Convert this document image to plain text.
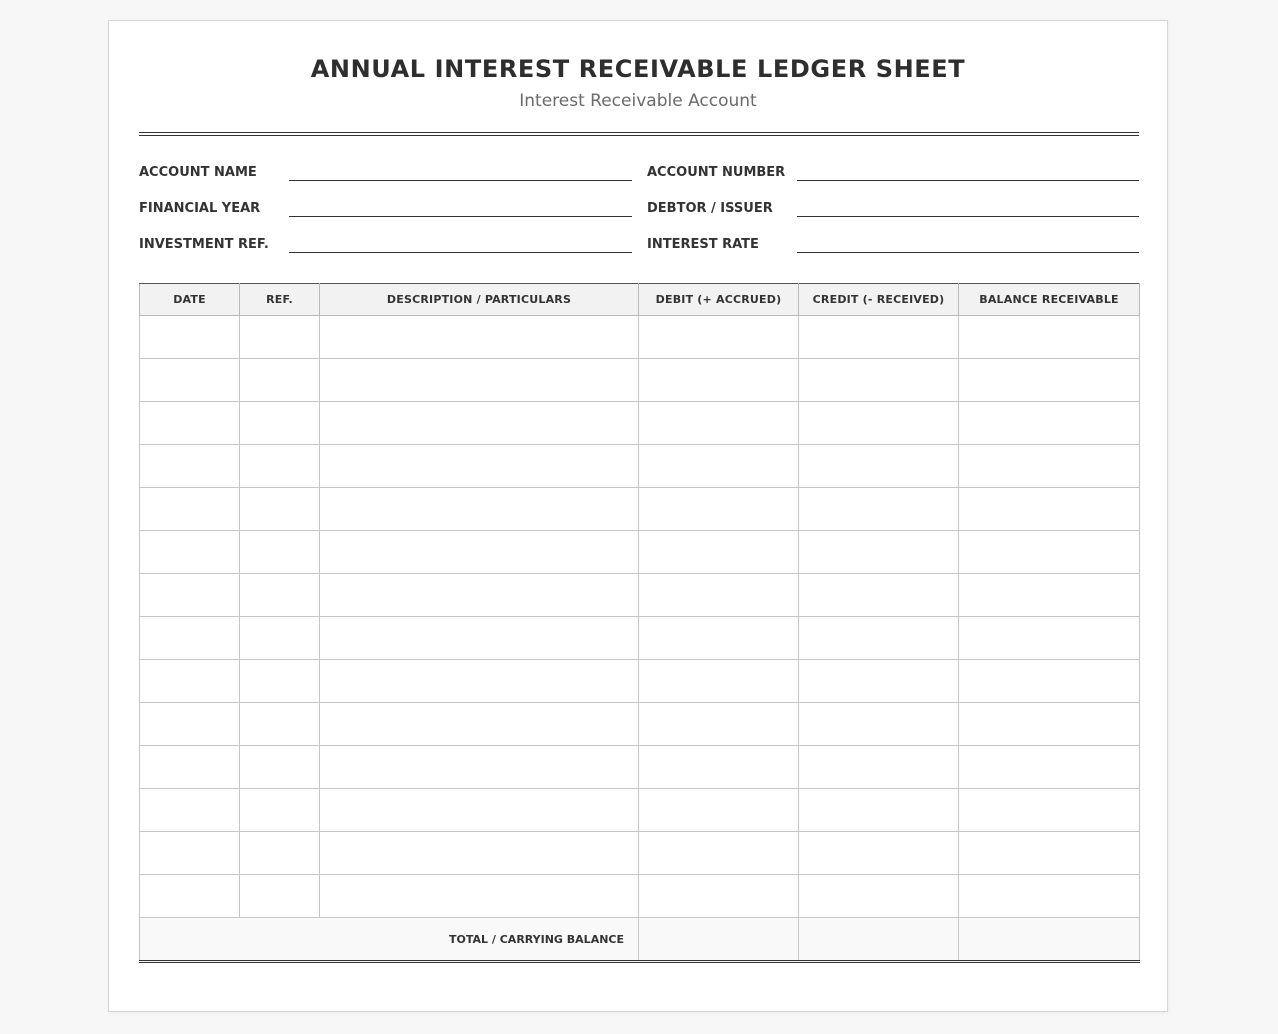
ANNUAL INTEREST RECEIVABLE LEDGER SHEET
Interest Receivable Account
ACCOUNT NAME	ACCOUNT NUMBER
FINANCIAL YEAR	DEBTOR / ISSUER
INVESTMENT REF.	INTEREST RATE
DATE	REF.	DESCRIPTION / PARTICULARS	DEBIT (+ ACCRUED)	CREDIT (- RECEIVED)	BALANCE RECEIVABLE

TOTAL / CARRYING BALANCE					
